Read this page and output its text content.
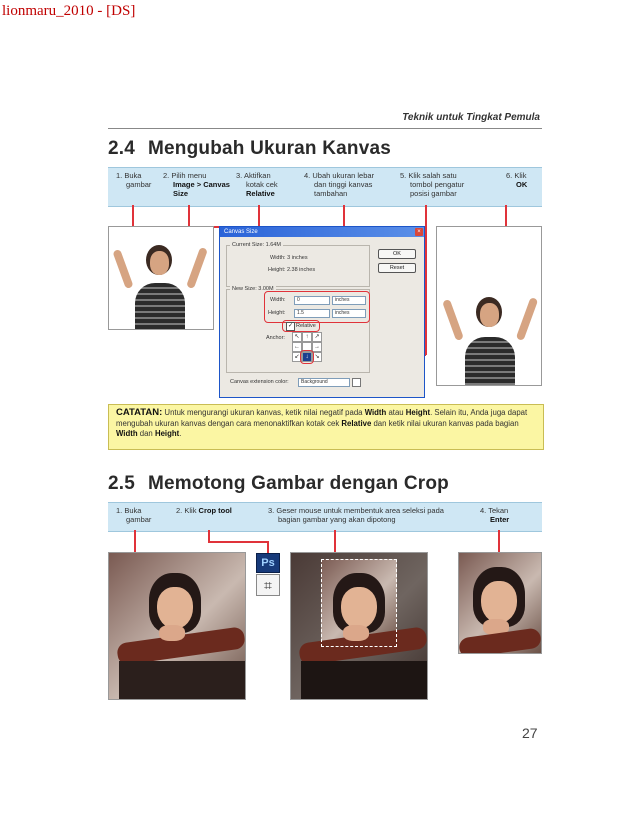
lionmaru_2010 - [DS]
Teknik untuk Tingkat Pemula
2.4 Mengubah Ukuran Kanvas
1. Buka
gambar
2. Pilih menu
Image > Canvas
Size
3. Aktifkan
kotak cek
Relative
4. Ubah ukuran lebar
dan tinggi kanvas
tambahan
5. Klik salah satu
tombol pengatur
posisi gambar
6. Klik
OK
Canvas Size	×
Current Size: 1.64M
Width: 3 inches
Height: 2.38 inches
OK
Reset
New Size: 3.00M
Width:	0	inches
Height:	1.5	inches
✓ Relative
Anchor:	↖ ↑ ↗
←	→
↙ ↓ ↘
Canvas extension color:	Background
CATATAN: Untuk mengurangi ukuran kanvas, ketik nilai negatif pada Width atau Height. Selain itu, Anda juga dapat mengubah ukuran kanvas dengan cara menonaktifkan kotak cek Relative dan ketik nilai ukuran kanvas pada bagian Width dan Height.
2.5 Memotong Gambar dengan Crop
1. Buka
gambar
2. Klik Crop tool	3. Geser mouse untuk membentuk area seleksi pada
bagian gambar yang akan dipotong
4. Tekan
Enter
Ps
⌗
27
